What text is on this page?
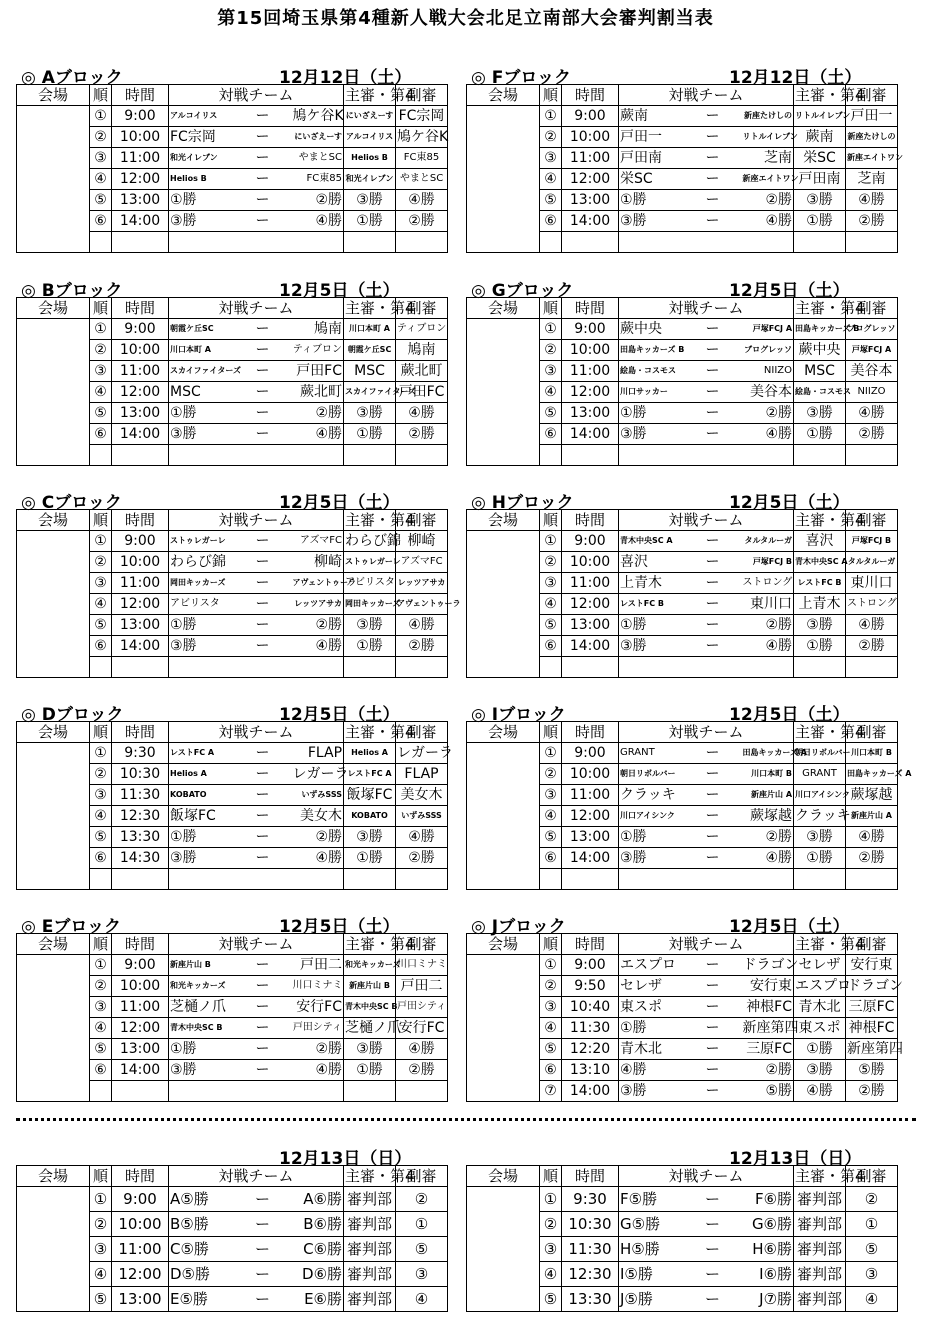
第15回埼玉県第4種新人戦大会北足立南部大会審判割当表
◎ Aブロック	12月12日（土）
会場	順	時間	対戦チーム			主審・第4	副審
	①	9:00	アルコイリス	ー	鳩ケ谷K	にいざえーす	FC宗岡
	②	10:00	FC宗岡	ー	にいざえーす	アルコイリス	鳩ケ谷K
	③	11:00	和光イレブン	ー	やまとSC	Helios B	FC東85
	④	12:00	Helios B	ー	FC東85	和光イレブン	やまとSC
	⑤	13:00	①勝	ー	②勝	③勝	④勝
	⑥	14:00	③勝	ー	④勝	①勝	②勝

◎ Fブロック	12月12日（土）
会場	順	時間	対戦チーム			主審・第4	副審
	①	9:00	蕨南	ー	新座たけしの	リトルイレブン	戸田一
	②	10:00	戸田一	ー	リトルイレブン	蕨南	新座たけしの
	③	11:00	戸田南	ー	芝南	栄SC	新座エイトワン
	④	12:00	栄SC	ー	新座エイトワン	戸田南	芝南
	⑤	13:00	①勝	ー	②勝	③勝	④勝
	⑥	14:00	③勝	ー	④勝	①勝	②勝

◎ Bブロック	12月5日（土）
会場	順	時間	対戦チーム			主審・第4	副審
	①	9:00	朝霞ケ丘SC	ー	鳩南	川口本町 A	ティブロン
	②	10:00	川口本町 A	ー	ティブロン	朝霞ケ丘SC	鳩南
	③	11:00	スカイファイターズ	ー	戸田FC	MSC	蕨北町
	④	12:00	MSC	ー	蕨北町	スカイファイターズ	戸田FC
	⑤	13:00	①勝	ー	②勝	③勝	④勝
	⑥	14:00	③勝	ー	④勝	①勝	②勝

◎ Gブロック	12月5日（土）
会場	順	時間	対戦チーム			主審・第4	副審
	①	9:00	蕨中央	ー	戸塚FCJ A	田島キッカーズ B	ブログレッソ
	②	10:00	田島キッカーズ B	ー	ブログレッソ	蕨中央	戸塚FCJ A
	③	11:00	絵島・コスモス	ー	NIIZO	MSC	美谷本
	④	12:00	川口サッカー	ー	美谷本	絵島・コスモス	NIIZO
	⑤	13:00	①勝	ー	②勝	③勝	④勝
	⑥	14:00	③勝	ー	④勝	①勝	②勝

◎ Cブロック	12月5日（土）
会場	順	時間	対戦チーム			主審・第4	副審
	①	9:00	ストゥレガーレ	ー	アズマFC	わらび錦	柳崎
	②	10:00	わらび錦	ー	柳崎	ストゥレガーレ	アズマFC
	③	11:00	岡田キッカーズ	ー	アヴェントゥーラ	アビリスタ	レッツアサカ
	④	12:00	アビリスタ	ー	レッツアサカ	岡田キッカーズ	アヴェントゥーラ
	⑤	13:00	①勝	ー	②勝	③勝	④勝
	⑥	14:00	③勝	ー	④勝	①勝	②勝

◎ Hブロック	12月5日（土）
会場	順	時間	対戦チーム			主審・第4	副審
	①	9:00	青木中央SC A	ー	タルタルーガ	喜沢	戸塚FCJ B
	②	10:00	喜沢	ー	戸塚FCJ B	青木中央SC A	タルタルーガ
	③	11:00	上青木	ー	ストロング	レストFC B	東川口
	④	12:00	レストFC B	ー	東川口	上青木	ストロング
	⑤	13:00	①勝	ー	②勝	③勝	④勝
	⑥	14:00	③勝	ー	④勝	①勝	②勝

◎ Dブロック	12月5日（土）
会場	順	時間	対戦チーム			主審・第4	副審
	①	9:30	レストFC A	ー	FLAP	Helios A	レガーラ
	②	10:30	Helios A	ー	レガーラ	レストFC A	FLAP
	③	11:30	KOBATO	ー	いずみSSS	飯塚FC	美女木
	④	12:30	飯塚FC	ー	美女木	KOBATO	いずみSSS
	⑤	13:30	①勝	ー	②勝	③勝	④勝
	⑥	14:30	③勝	ー	④勝	①勝	②勝

◎ Iブロック	12月5日（土）
会場	順	時間	対戦チーム			主審・第4	副審
	①	9:00	GRANT	ー	田島キッカーズ A	朝日リボルバー	川口本町 B
	②	10:00	朝日リボルバー	ー	川口本町 B	GRANT	田島キッカーズ A
	③	11:00	クラッキ	ー	新座片山 A	川口アイシンク	蕨塚越
	④	12:00	川口アイシンク	ー	蕨塚越	クラッキ	新座片山 A
	⑤	13:00	①勝	ー	②勝	③勝	④勝
	⑥	14:00	③勝	ー	④勝	①勝	②勝

◎ Eブロック	12月5日（土）
会場	順	時間	対戦チーム			主審・第4	副審
	①	9:00	新座片山 B	ー	戸田二	和光キッカーズ	川口ミナミ
	②	10:00	和光キッカーズ	ー	川口ミナミ	新座片山 B	戸田二
	③	11:00	芝樋ノ爪	ー	安行FC	青木中央SC B	戸田シティ
	④	12:00	青木中央SC B	ー	戸田シティ	芝樋ノ爪	安行FC
	⑤	13:00	①勝	ー	②勝	③勝	④勝
	⑥	14:00	③勝	ー	④勝	①勝	②勝

◎ Jブロック	12月5日（土）
会場	順	時間	対戦チーム			主審・第4	副審
	①	9:00	エスプロ	ー	ドラゴン	セレザ	安行東
	②	9:50	セレザ	ー	安行東	エスプロ	ドラゴン
	③	10:40	東スポ	ー	神根FC	青木北	三原FC
	④	11:30	①勝	ー	新座第四	東スポ	神根FC
	⑤	12:20	青木北	ー	三原FC	①勝	新座第四
	⑥	13:10	④勝	ー	②勝	③勝	⑤勝
	⑦	14:00	③勝	ー	⑤勝	④勝	②勝
12月13日（日）
会場	順	時間	対戦チーム			主審・第4	副審
	①	9:00	A⑤勝	ー	A⑥勝	審判部	②
	②	10:00	B⑤勝	ー	B⑥勝	審判部	①
	③	11:00	C⑤勝	ー	C⑥勝	審判部	⑤
	④	12:00	D⑤勝	ー	D⑥勝	審判部	③
	⑤	13:00	E⑤勝	ー	E⑥勝	審判部	④
12月13日（日）
会場	順	時間	対戦チーム			主審・第4	副審
	①	9:30	F⑤勝	ー	F⑥勝	審判部	②
	②	10:30	G⑤勝	ー	G⑥勝	審判部	①
	③	11:30	H⑤勝	ー	H⑥勝	審判部	⑤
	④	12:30	I⑤勝	ー	I⑥勝	審判部	③
	⑤	13:30	J⑤勝	ー	J⑦勝	審判部	④
